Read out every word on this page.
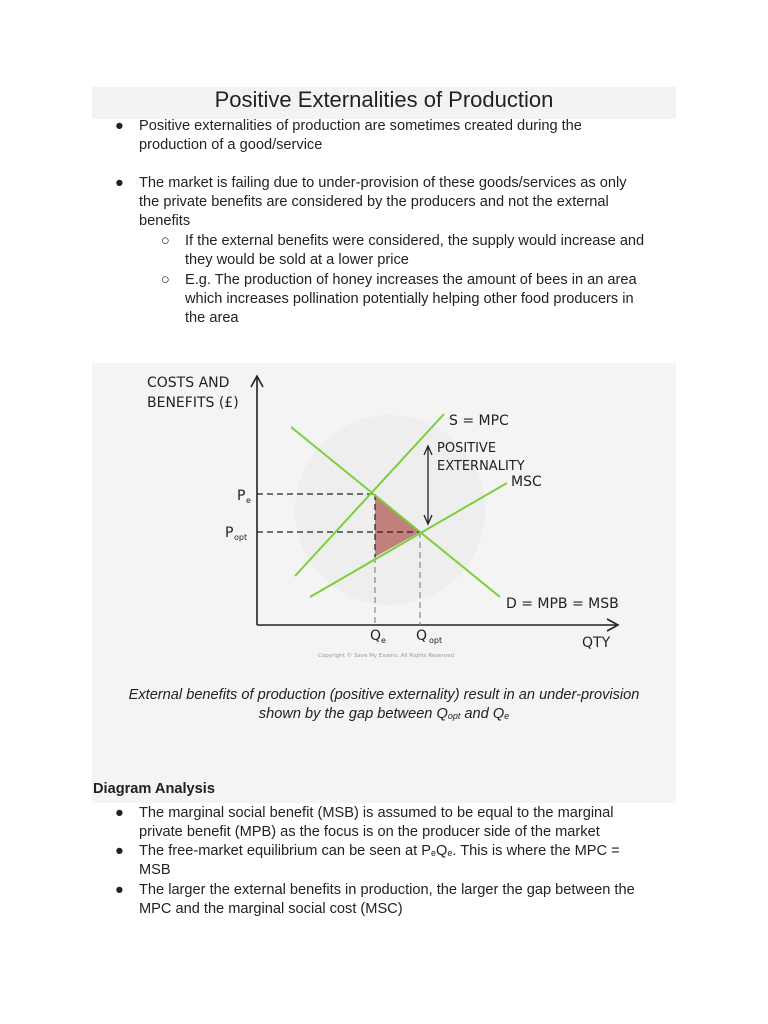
Positive Externalities of Production
● Positive externalities of production are sometimes created during the
production of a good/service
● The market is failing due to under-provision of these goods/services as only
the private benefits are considered by the producers and not the external
benefits
○ If the external benefits were considered, the supply would increase and
they would be sold at a lower price
○ E.g. The production of honey increases the amount of bees in an area
which increases pollination potentially helping other food producers in
the area
COSTS AND
BENEFITS (£)
S = MPC
POSITIVE
EXTERNALITY
MSC
D = MPB = MSB
QTY
P e
P opt
Q e Q opt
Copyright © Save My Exams. All Rights Reserved
External benefits of production (positive externality) result in an under-provision
shown by the gap between $Q_{opt}$ and $Q_e$
Diagram Analysis
● The marginal social benefit (MSB) is assumed to be equal to the marginal
private benefit (MPB) as the focus is on the producer side of the market
● The free-market equilibrium can be seen at $P_eQ_e$. This is where the MPC =
MSB
● The larger the external benefits in production, the larger the gap between the
MPC and the marginal social cost (MSC)
